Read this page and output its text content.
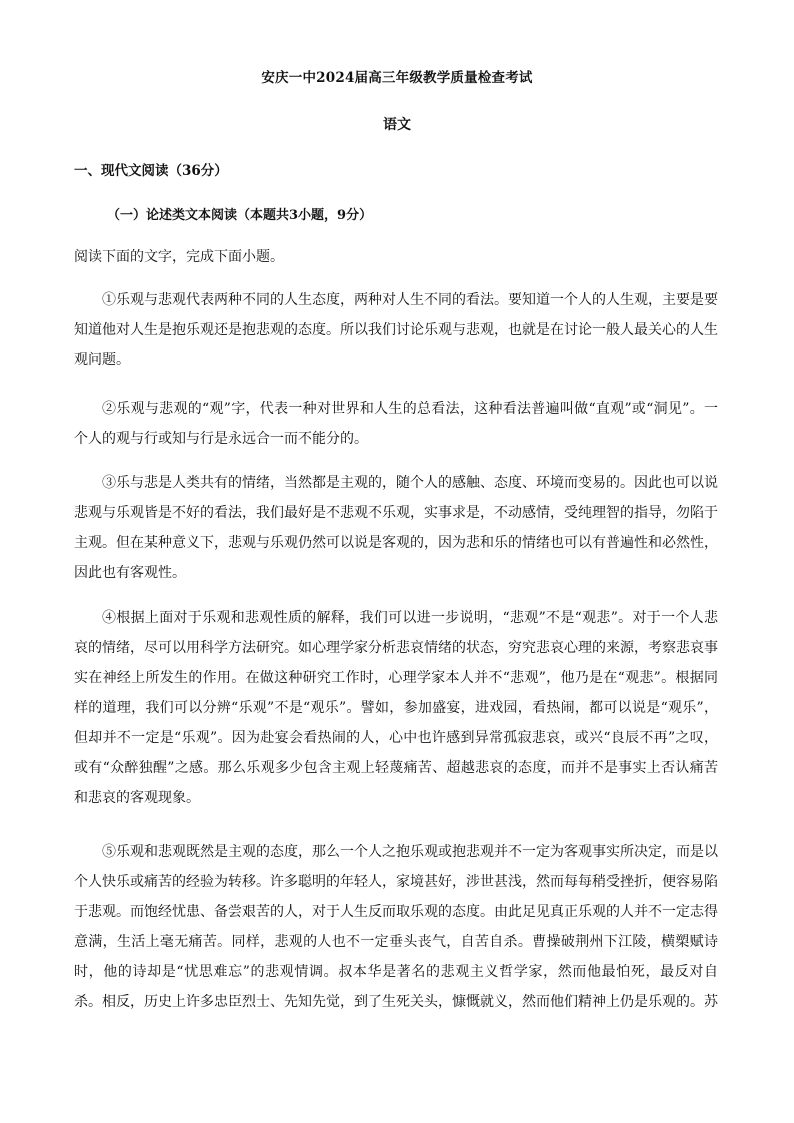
安庆一中2024届高三年级教学质量检查考试
语文
一、现代文阅读（36分）
（一）论述类文本阅读（本题共3小题，9分）
阅读下面的文字，完成下面小题。

①乐观与悲观代表两种不同的人生态度，两种对人生不同的看法。要知道一个人的人生观，主要是要知道他对人生是抱乐观还是抱悲观的态度。所以我们讨论乐观与悲观，也就是在讨论一般人最关心的人生观问题。

②乐观与悲观的“观”字，代表一种对世界和人生的总看法，这种看法普遍叫做“直观”或“洞见”。一个人的观与行或知与行是永远合一而不能分的。

③乐与悲是人类共有的情绪，当然都是主观的，随个人的感触、态度、环境而变易的。因此也可以说悲观与乐观皆是不好的看法，我们最好是不悲观不乐观，实事求是，不动感情，受纯理智的指导，勿陷于主观。但在某种意义下，悲观与乐观仍然可以说是客观的，因为悲和乐的情绪也可以有普遍性和必然性，因此也有客观性。

④根据上面对于乐观和悲观性质的解释，我们可以进一步说明，“悲观”不是“观悲”。对于一个人悲哀的情绪，尽可以用科学方法研究。如心理学家分析悲哀情绪的状态，穷究悲哀心理的来源，考察悲哀事实在神经上所发生的作用。在做这种研究工作时，心理学家本人并不“悲观”，他乃是在“观悲”。根据同样的道理，我们可以分辨“乐观”不是“观乐”。譬如，参加盛宴，进戏园，看热闹，都可以说是“观乐”，但却并不一定是“乐观”。因为赴宴会看热闹的人，心中也许感到异常孤寂悲哀，或兴“良辰不再”之叹，或有“众醉独醒”之感。那么乐观多少包含主观上轻蔑痛苦、超越悲哀的态度，而并不是事实上否认痛苦和悲哀的客观现象。

⑤乐观和悲观既然是主观的态度，那么一个人之抱乐观或抱悲观并不一定为客观事实所决定，而是以个人快乐或痛苦的经验为转移。许多聪明的年轻人，家境甚好，涉世甚浅，然而每每稍受挫折，便容易陷于悲观。而饱经忧患、备尝艰苦的人，对于人生反而取乐观的态度。由此足见真正乐观的人并不一定志得意满，生活上毫无痛苦。同样，悲观的人也不一定垂头丧气，自苦自杀。曹操破荆州下江陵，横槊赋诗时，他的诗却是“忧思难忘”的悲观情调。叔本华是著名的悲观主义哲学家，然而他最怕死，最反对自杀。相反，历史上许多忠臣烈士、先知先觉，到了生死关头，慷慨就义，然而他们精神上仍是乐观的。苏
